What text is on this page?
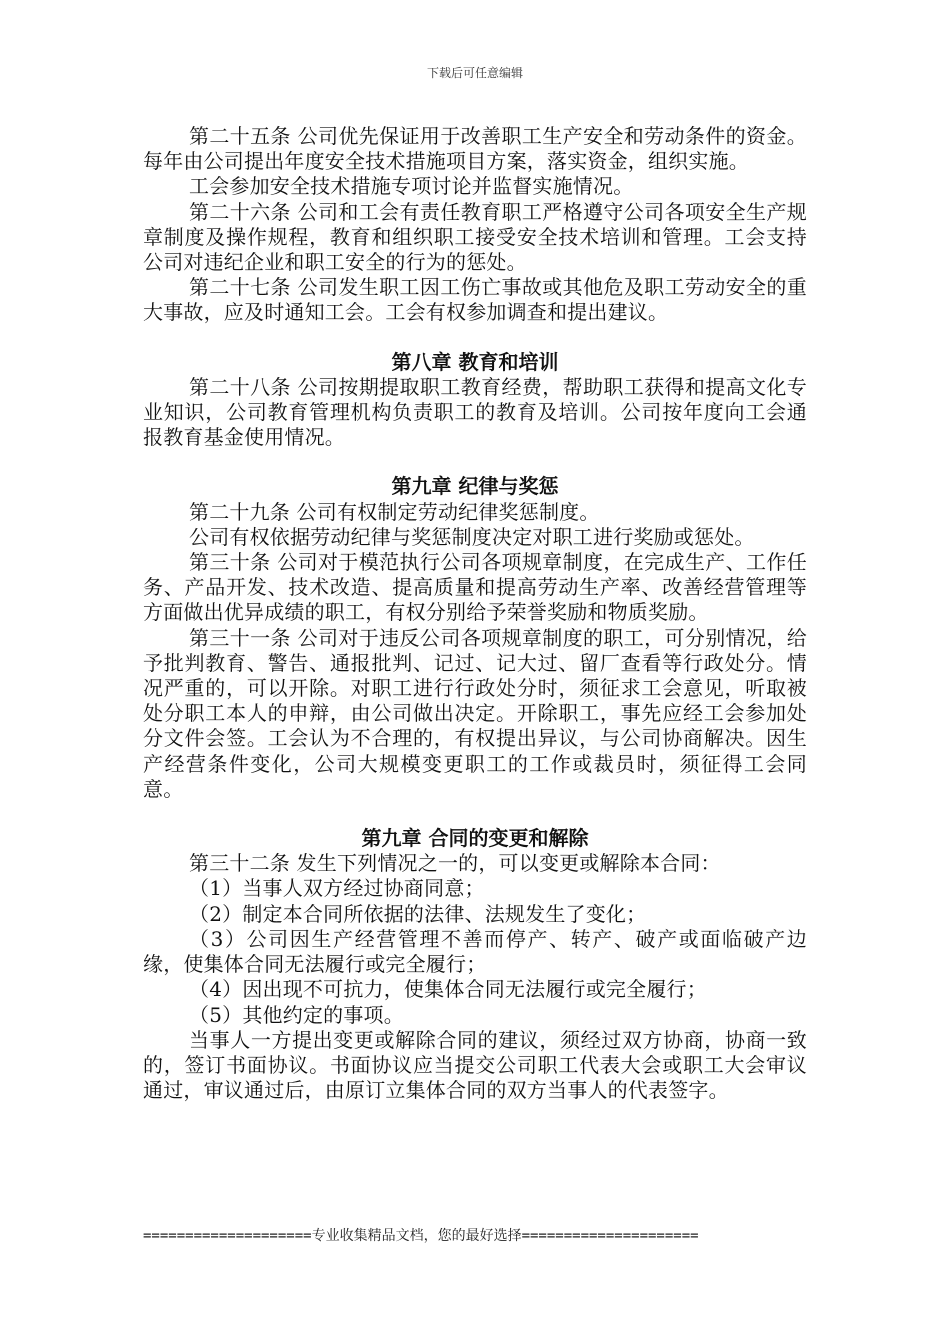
下载后可任意编辑

第二十五条 公司优先保证用于改善职工生产安全和劳动条件的资金。每年由公司提出年度安全技术措施项目方案，落实资金，组织实施。

工会参加安全技术措施专项讨论并监督实施情况。

第二十六条 公司和工会有责任教育职工严格遵守公司各项安全生产规章制度及操作规程，教育和组织职工接受安全技术培训和管理。工会支持公司对违纪企业和职工安全的行为的惩处。

第二十七条 公司发生职工因工伤亡事故或其他危及职工劳动安全的重大事故，应及时通知工会。工会有权参加调查和提出建议。

第八章 教育和培训

第二十八条 公司按期提取职工教育经费，帮助职工获得和提高文化专业知识，公司教育管理机构负责职工的教育及培训。公司按年度向工会通报教育基金使用情况。

第九章 纪律与奖惩

第二十九条 公司有权制定劳动纪律奖惩制度。

公司有权依据劳动纪律与奖惩制度决定对职工进行奖励或惩处。

第三十条 公司对于模范执行公司各项规章制度，在完成生产、工作任务、产品开发、技术改造、提高质量和提高劳动生产率、改善经营管理等方面做出优异成绩的职工，有权分别给予荣誉奖励和物质奖励。

第三十一条 公司对于违反公司各项规章制度的职工，可分别情况，给予批判教育、警告、通报批判、记过、记大过、留厂查看等行政处分。情况严重的，可以开除。对职工进行行政处分时，须征求工会意见，听取被处分职工本人的申辩，由公司做出决定。开除职工，事先应经工会参加处分文件会签。工会认为不合理的，有权提出异议，与公司协商解决。因生产经营条件变化，公司大规模变更职工的工作或裁员时，须征得工会同意。

第九章 合同的变更和解除

第三十二条 发生下列情况之一的，可以变更或解除本合同：

（1）当事人双方经过协商同意；

（2）制定本合同所依据的法律、法规发生了变化；

（3）公司因生产经营管理不善而停产、转产、破产或面临破产边缘，使集体合同无法履行或完全履行；

（4）因出现不可抗力，使集体合同无法履行或完全履行；

（5）其他约定的事项。

当事人一方提出变更或解除合同的建议，须经过双方协商，协商一致的，签订书面协议。书面协议应当提交公司职工代表大会或职工大会审议通过，审议通过后，由原订立集体合同的双方当事人的代表签字。

====================专业收集精品文档，您的最好选择=====================
